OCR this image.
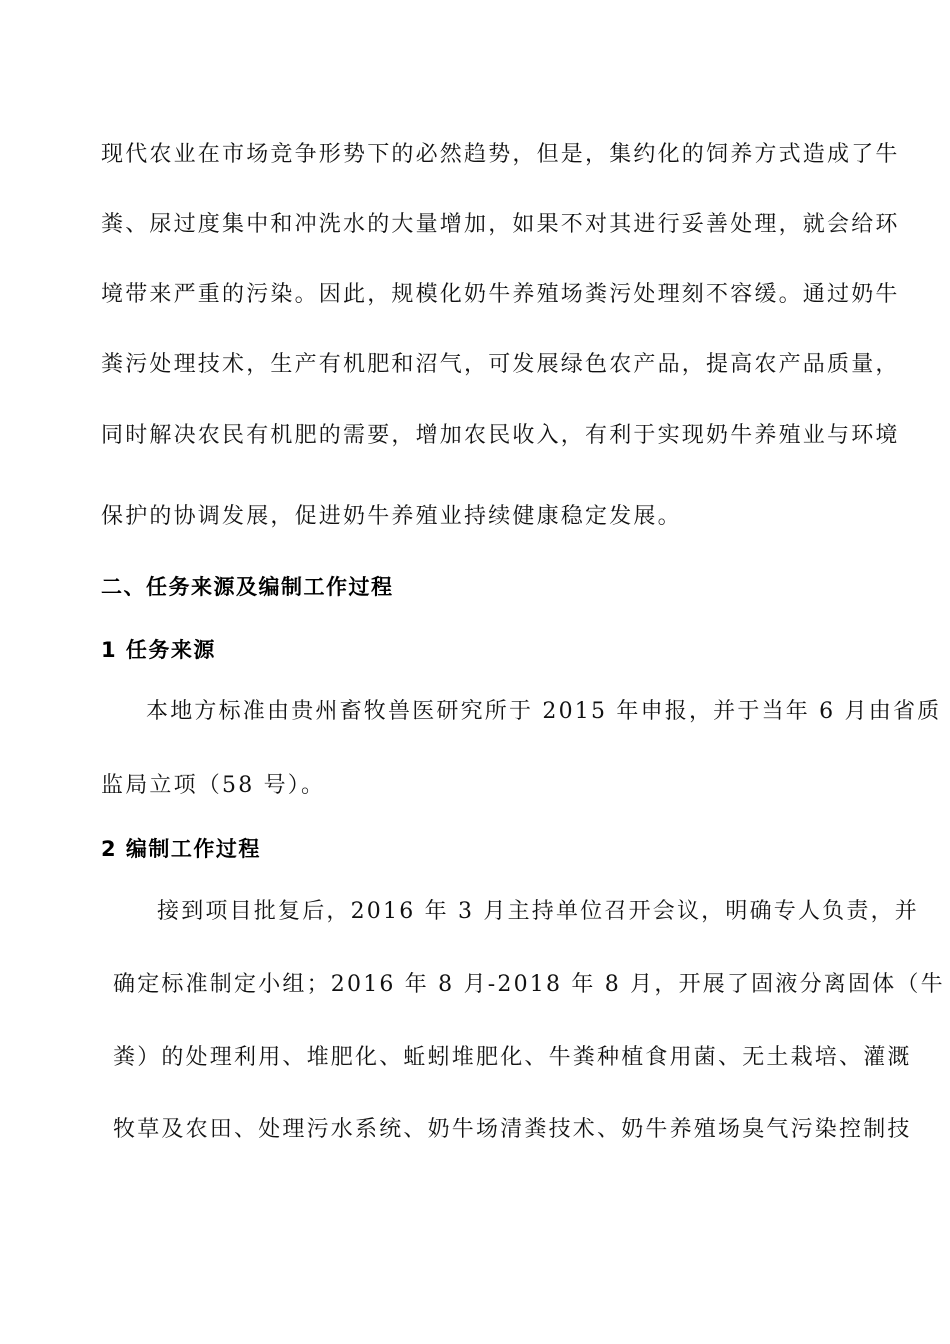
现代农业在市场竞争形势下的必然趋势，但是，集约化的饲养方式造成了牛
粪、尿过度集中和冲洗水的大量增加，如果不对其进行妥善处理，就会给环
境带来严重的污染。因此，规模化奶牛养殖场粪污处理刻不容缓。通过奶牛
粪污处理技术，生产有机肥和沼气，可发展绿色农产品，提高农产品质量，
同时解决农民有机肥的需要，增加农民收入，有利于实现奶牛养殖业与环境
保护的协调发展，促进奶牛养殖业持续健康稳定发展。
二、任务来源及编制工作过程
1 任务来源
本地方标准由贵州畜牧兽医研究所于 2015 年申报，并于当年 6 月由省质
监局立项（58 号）。
2 编制工作过程
接到项目批复后，2016 年 3 月主持单位召开会议，明确专人负责，并
确定标准制定小组；2016 年 8 月-2018 年 8 月，开展了固液分离固体（牛
粪）的处理利用、堆肥化、蚯蚓堆肥化、牛粪种植食用菌、无土栽培、灌溉
牧草及农田、处理污水系统、奶牛场清粪技术、奶牛养殖场臭气污染控制技
